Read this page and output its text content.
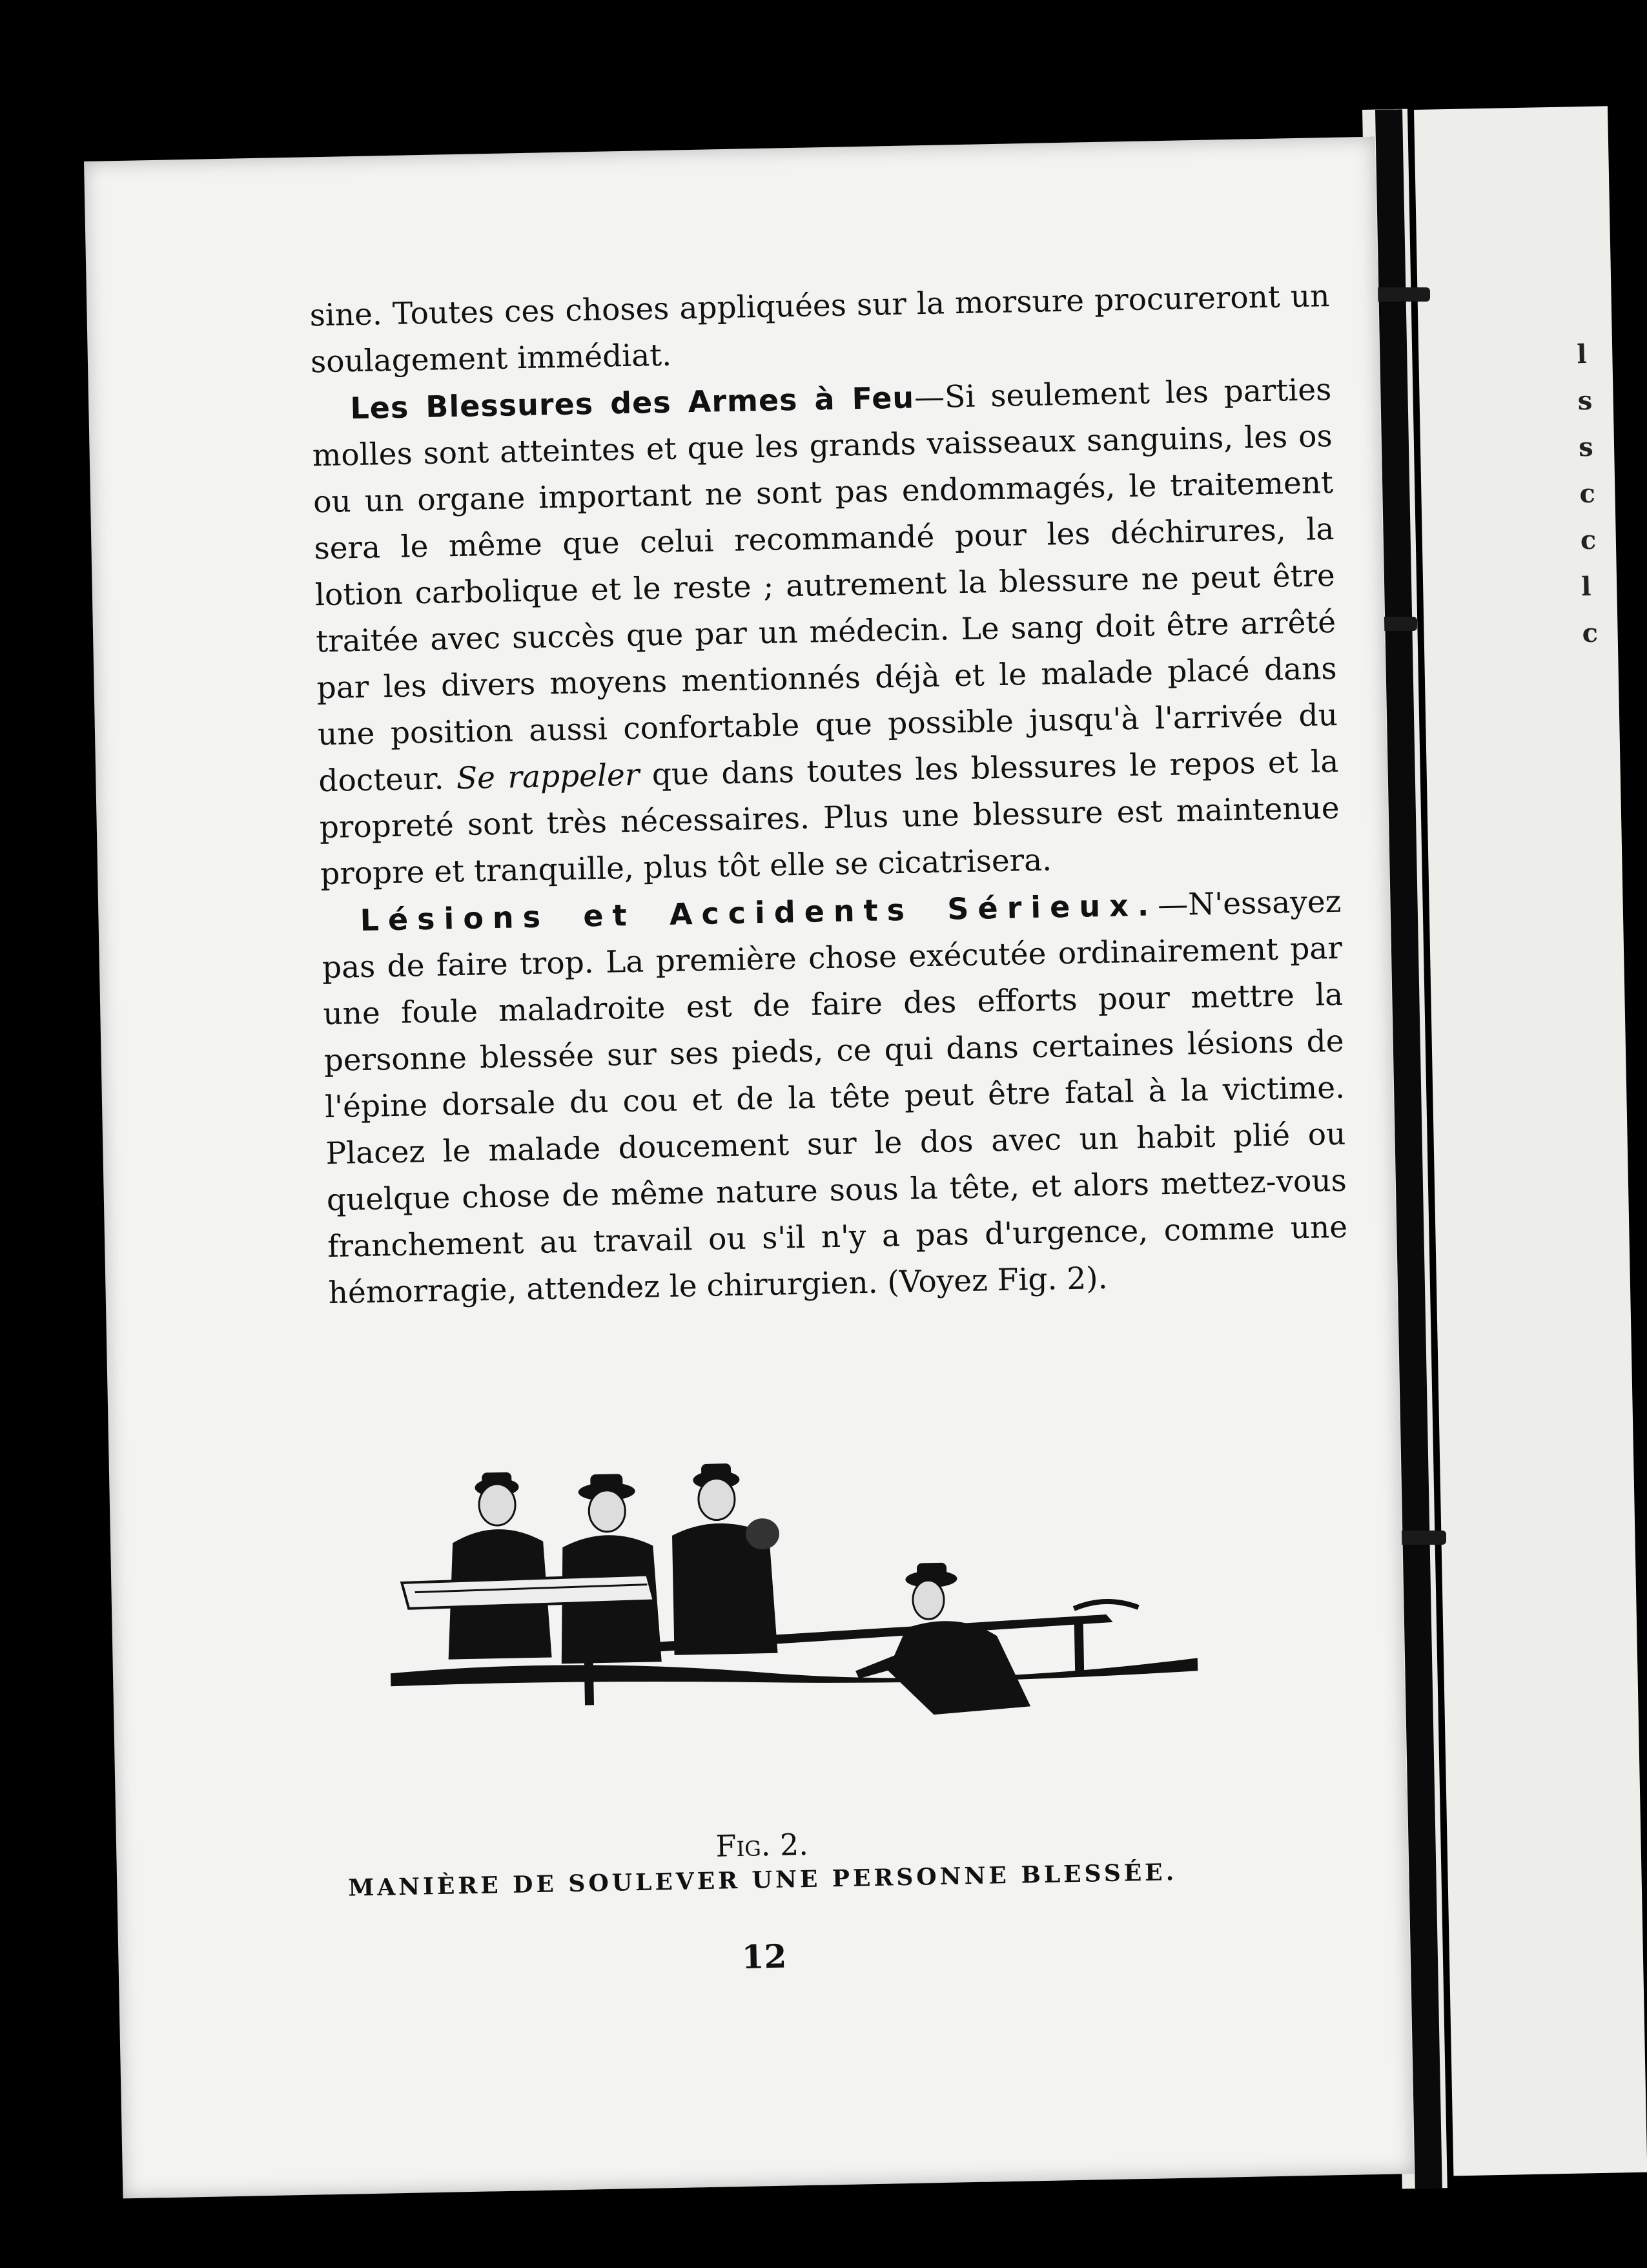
l
s
s
c
c
l
c

sine. Toutes ces choses appliquées sur la morsure procureront un soulagement immédiat.

Les Blessures des Armes à Feu—Si seulement les parties molles sont atteintes et que les grands vaisseaux sanguins, les os ou un organe important ne sont pas endommagés, le traitement sera le même que celui recommandé pour les déchirures, la lotion carbolique et le reste ; autrement la blessure ne peut être traitée avec succès que par un médecin. Le sang doit être arrêté par les divers moyens mentionnés déjà et le malade placé dans une position aussi confortable que possible jusqu'à l'arrivée du docteur. Se rappeler que dans toutes les blessures le repos et la propreté sont très nécessaires. Plus une blessure est maintenue propre et tranquille, plus tôt elle se cicatrisera.

Lésions et Accidents Sérieux.—N'essayez pas de faire trop. La première chose exécutée ordinairement par une foule maladroite est de faire des efforts pour mettre la personne blessée sur ses pieds, ce qui dans certaines lésions de l'épine dorsale du cou et de la tête peut être fatal à la victime. Placez le malade doucement sur le dos avec un habit plié ou quelque chose de même nature sous la tête, et alors mettez-vous franchement au travail ou s'il n'y a pas d'urgence, comme une hémorragie, attendez le chirurgien. (Voyez Fig. 2).

Fig. 2.
MANIÈRE DE SOULEVER UNE PERSONNE BLESSÉE.
12
